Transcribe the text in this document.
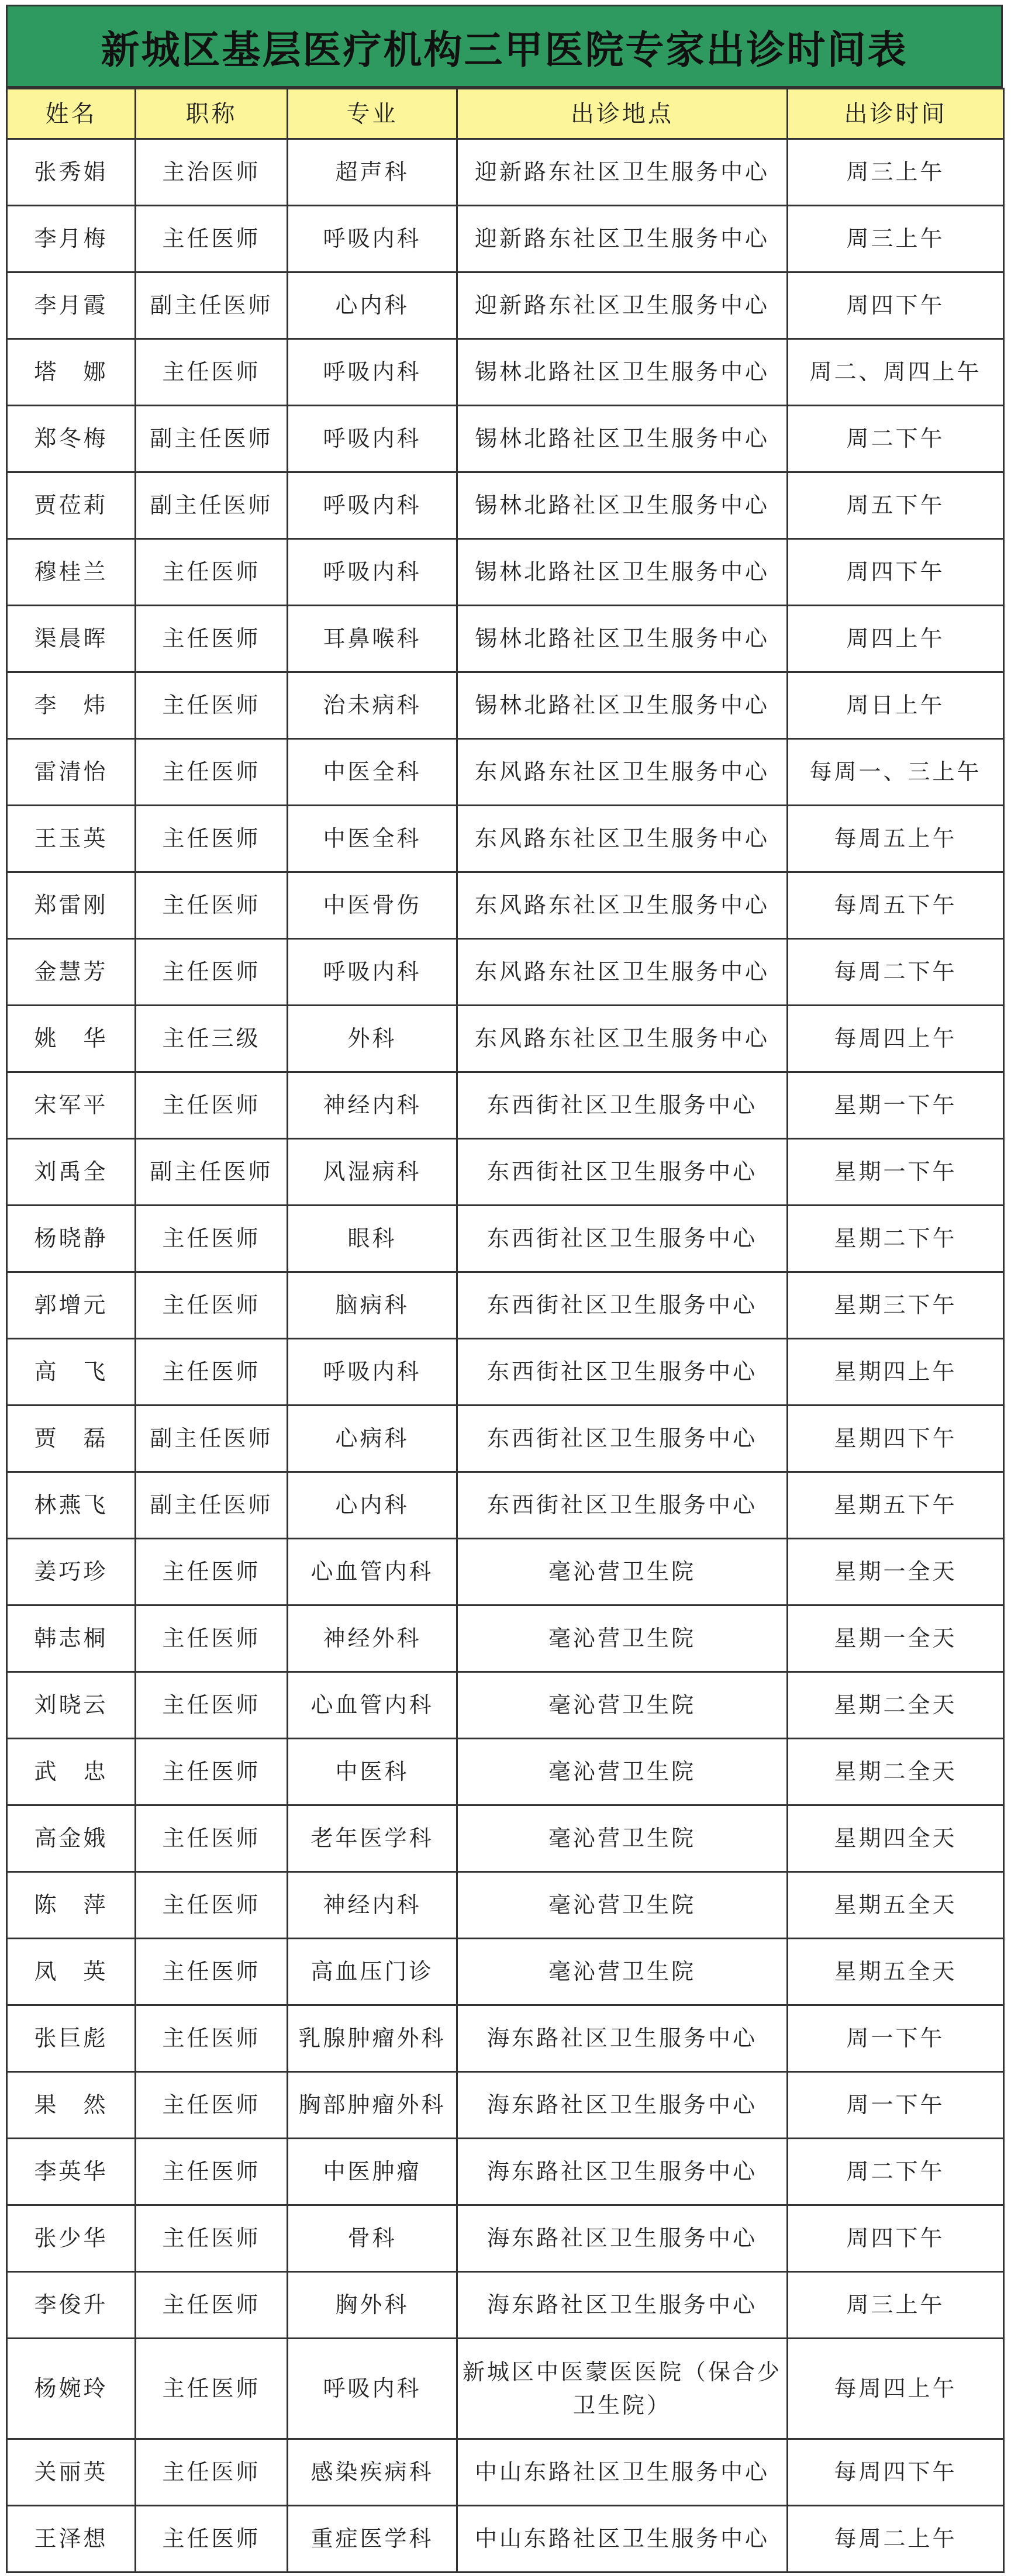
新城区基层医疗机构三甲医院专家出诊时间表
姓名	职称	专业	出诊地点	出诊时间
张秀娟	主治医师	超声科	迎新路东社区卫生服务中心	周三上午
李月梅	主任医师	呼吸内科	迎新路东社区卫生服务中心	周三上午
李月霞	副主任医师	心内科	迎新路东社区卫生服务中心	周四下午
塔　娜	主任医师	呼吸内科	锡林北路社区卫生服务中心	周二、周四上午
郑冬梅	副主任医师	呼吸内科	锡林北路社区卫生服务中心	周二下午
贾莅莉	副主任医师	呼吸内科	锡林北路社区卫生服务中心	周五下午
穆桂兰	主任医师	呼吸内科	锡林北路社区卫生服务中心	周四下午
渠晨晖	主任医师	耳鼻喉科	锡林北路社区卫生服务中心	周四上午
李　炜	主任医师	治未病科	锡林北路社区卫生服务中心	周日上午
雷清怡	主任医师	中医全科	东风路东社区卫生服务中心	每周一、三上午
王玉英	主任医师	中医全科	东风路东社区卫生服务中心	每周五上午
郑雷刚	主任医师	中医骨伤	东风路东社区卫生服务中心	每周五下午
金慧芳	主任医师	呼吸内科	东风路东社区卫生服务中心	每周二下午
姚　华	主任三级	外科	东风路东社区卫生服务中心	每周四上午
宋军平	主任医师	神经内科	东西街社区卫生服务中心	星期一下午
刘禹全	副主任医师	风湿病科	东西街社区卫生服务中心	星期一下午
杨晓静	主任医师	眼科	东西街社区卫生服务中心	星期二下午
郭增元	主任医师	脑病科	东西街社区卫生服务中心	星期三下午
高　飞	主任医师	呼吸内科	东西街社区卫生服务中心	星期四上午
贾　磊	副主任医师	心病科	东西街社区卫生服务中心	星期四下午
林燕飞	副主任医师	心内科	东西街社区卫生服务中心	星期五下午
姜巧珍	主任医师	心血管内科	毫沁营卫生院	星期一全天
韩志桐	主任医师	神经外科	毫沁营卫生院	星期一全天
刘晓云	主任医师	心血管内科	毫沁营卫生院	星期二全天
武　忠	主任医师	中医科	毫沁营卫生院	星期二全天
高金娥	主任医师	老年医学科	毫沁营卫生院	星期四全天
陈　萍	主任医师	神经内科	毫沁营卫生院	星期五全天
凤　英	主任医师	高血压门诊	毫沁营卫生院	星期五全天
张巨彪	主任医师	乳腺肿瘤外科	海东路社区卫生服务中心	周一下午
果　然	主任医师	胸部肿瘤外科	海东路社区卫生服务中心	周一下午
李英华	主任医师	中医肿瘤	海东路社区卫生服务中心	周二下午
张少华	主任医师	骨科	海东路社区卫生服务中心	周四下午
李俊升	主任医师	胸外科	海东路社区卫生服务中心	周三上午
杨婉玲	主任医师	呼吸内科	新城区中医蒙医医院（保合少卫生院）	每周四上午
关丽英	主任医师	感染疾病科	中山东路社区卫生服务中心	每周四下午
王泽想	主任医师	重症医学科	中山东路社区卫生服务中心	每周二上午
